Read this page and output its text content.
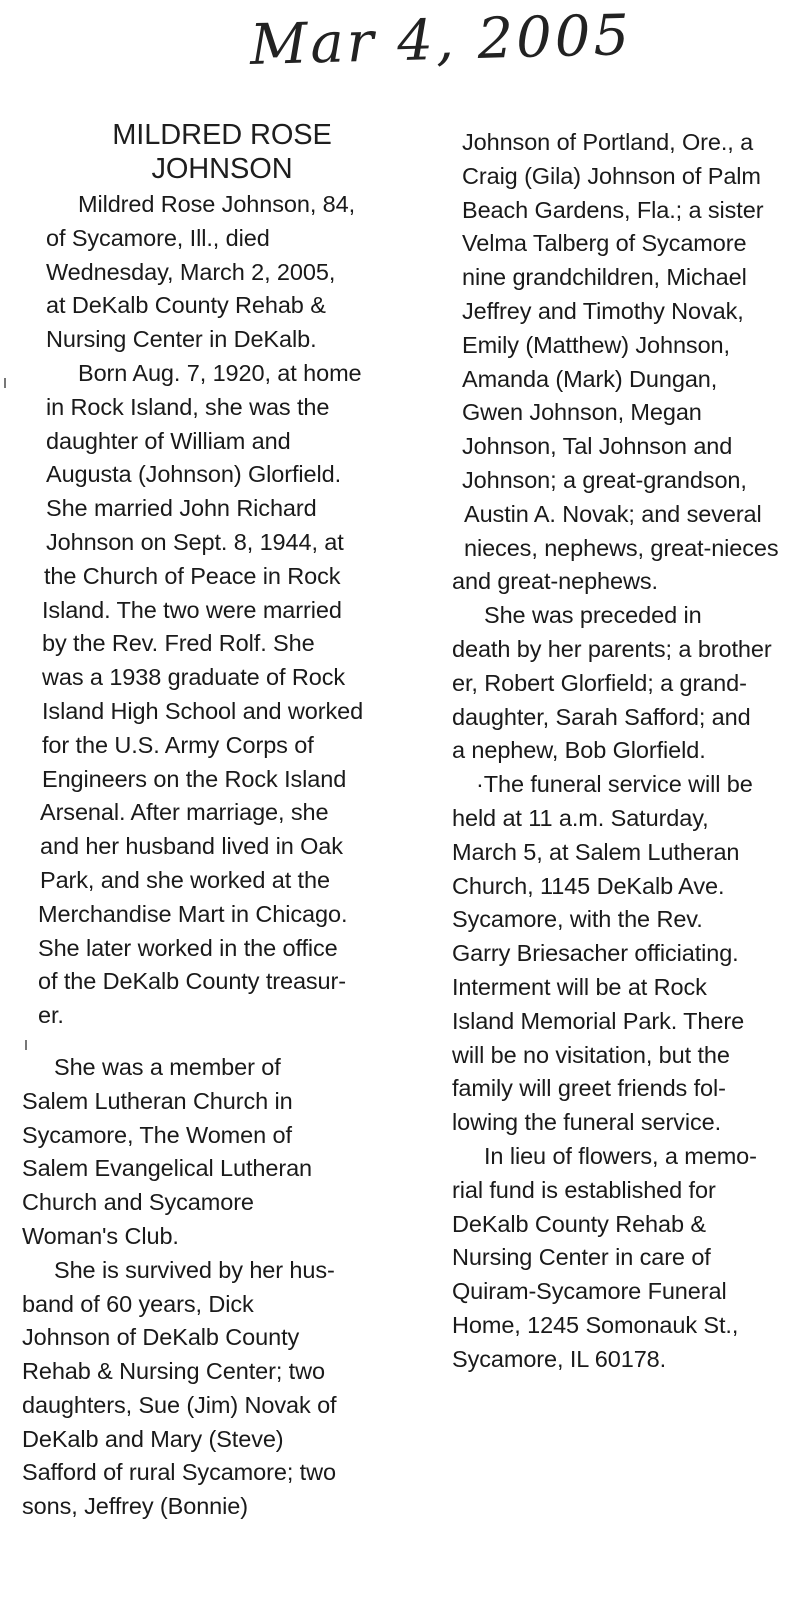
Mar 4, 2005
MILDRED ROSE
JOHNSON
Mildred Rose Johnson, 84,
of Sycamore, Ill., died
Wednesday, March 2, 2005,
at DeKalb County Rehab &
Nursing Center in DeKalb.
Born Aug. 7, 1920, at home
in Rock Island, she was the
daughter of William and
Augusta (Johnson) Glorfield.
She married John Richard
Johnson on Sept. 8, 1944, at
the Church of Peace in Rock
Island. The two were married
by the Rev. Fred Rolf. She
was a 1938 graduate of Rock
Island High School and worked
for the U.S. Army Corps of
Engineers on the Rock Island
Arsenal. After marriage, she
and her husband lived in Oak
Park, and she worked at the
Merchandise Mart in Chicago.
She later worked in the office
of the DeKalb County treasur-
er.
She was a member of
Salem Lutheran Church in
Sycamore, The Women of
Salem Evangelical Lutheran
Church and Sycamore
Woman's Club.
She is survived by her hus-
band of 60 years, Dick
Johnson of DeKalb County
Rehab & Nursing Center; two
daughters, Sue (Jim) Novak of
DeKalb and Mary (Steve)
Safford of rural Sycamore; two
sons, Jeffrey (Bonnie)
Johnson of Portland, Ore., a
Craig (Gila) Johnson of Palm
Beach Gardens, Fla.; a sister
Velma Talberg of Sycamore
nine grandchildren, Michael
Jeffrey and Timothy Novak,
Emily (Matthew) Johnson,
Amanda (Mark) Dungan,
Gwen Johnson, Megan
Johnson, Tal Johnson and
Johnson; a great-grandson,
Austin A. Novak; and several
nieces, nephews, great-nieces
and great-nephews.
She was preceded in
death by her parents; a brother
er, Robert Glorfield; a grand-
daughter, Sarah Safford; and
a nephew, Bob Glorfield.
·The funeral service will be
held at 11 a.m. Saturday,
March 5, at Salem Lutheran
Church, 1145 DeKalb Ave.
Sycamore, with the Rev.
Garry Briesacher officiating.
Interment will be at Rock
Island Memorial Park. There
will be no visitation, but the
family will greet friends fol-
lowing the funeral service.
In lieu of flowers, a memo-
rial fund is established for
DeKalb County Rehab &
Nursing Center in care of
Quiram-Sycamore Funeral
Home, 1245 Somonauk St.,
Sycamore, IL 60178.
